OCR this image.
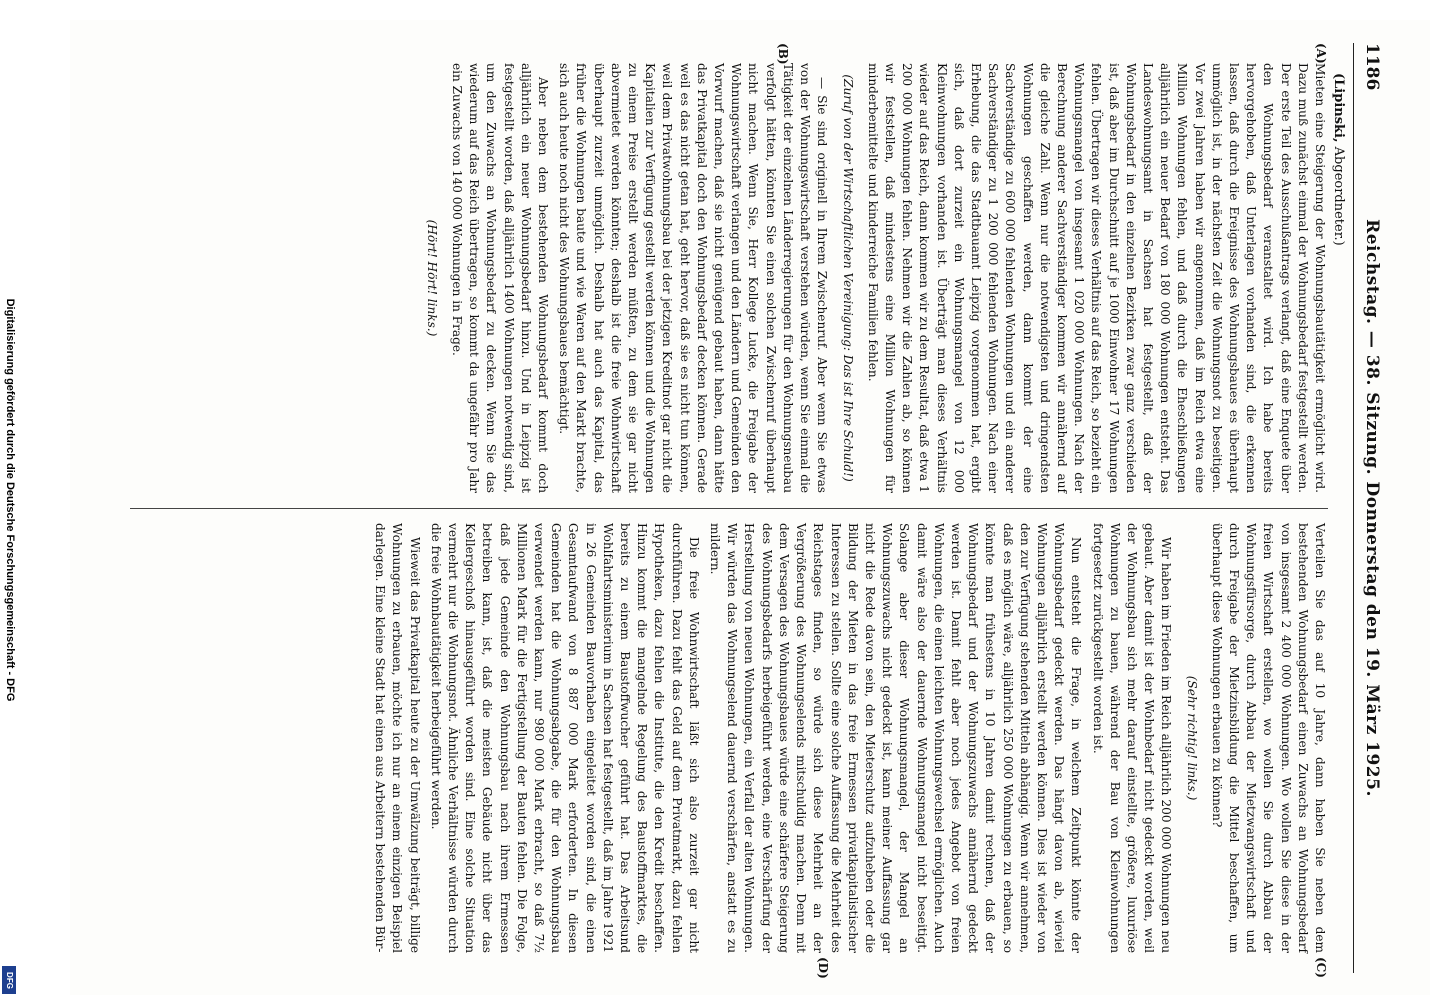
Digitalisierung gefördert durch die Deutsche Forschungsgemeinschaft - DFG
DFG
1186
Reichstag. — 38. Sitzung. Donnerstag den 19. März 1925.
(Lipinski, Abgeordneter.)
(A)
(B)
(C)
(D)

Mieten eine Steigerung der Wohnungsbautätigkeit ermöglicht wird. Dazu muß zunächst einmal der Wohnungsbedarf festgestellt werden. Der erste Teil des Ausschußantrags verlangt, daß eine Enquete über den Wohnungsbedarf veranstaltet wird. Ich habe bereits hervorgehoben, daß Unterlagen vorhanden sind, die erkennen lassen, daß durch die Ereignisse des Wohnungsbaues es überhaupt unmöglich ist, in der nächsten Zeit die Wohnungsnot zu beseitigen. Vor zwei Jahren haben wir angenommen, daß im Reich etwa eine Million Wohnungen fehlen, und daß durch die Eheschließungen alljährlich ein neuer Bedarf von 180 000 Wohnungen entsteht. Das Landeswohnungsamt in Sachsen hat festgestellt, daß der Wohnungsbedarf in den einzelnen Bezirken zwar ganz verschieden ist, daß aber im Durchschnitt auf je 1000 Einwohner 17 Wohnungen fehlen. Übertragen wir dieses Verhältnis auf das Reich, so bezieht ein Wohnungsmangel von insgesamt 1 020 000 Wohnungen. Nach der Berechnung anderer Sachverständiger kommen wir annähernd auf die gleiche Zahl. Wenn nur die notwendigsten und dringendsten Wohnungen geschaffen werden, dann kommt der eine Sachverständige zu 600 000 fehlenden Wohnungen und ein anderer Sachverständiger zu 1 200 000 fehlenden Wohnungen. Nach einer Erhebung, die das Stadtbauamt Leipzig vorgenommen hat, ergibt sich, daß dort zurzeit ein Wohnungsmangel von 12 000 Kleinwohnungen vorhanden ist. Überträgt man dieses Verhältnis wieder auf das Reich, dann kommen wir zu dem Resultat, daß etwa 1 200 000 Wohnungen fehlen. Nehmen wir die Zahlen ab, so können wir feststellen, daß mindestens eine Million Wohnungen für minderbemittelte und kinderreiche Familien fehlen.

(Zuruf von der Wirtschaftlichen Vereinigung: Das ist Ihre Schuld!)

— Sie sind originell in Ihrem Zwischenruf. Aber wenn Sie etwas von der Wohnungswirtschaft verstehen würden, wenn Sie einmal die Tätigkeit der einzelnen Länderregierungen für den Wohnungsneubau verfolgt hätten, könnten Sie einen solchen Zwischenruf überhaupt nicht machen. Wenn Sie, Herr Kollege Lucke, die Freigabe der Wohnungswirtschaft verlangen und den Ländern und Gemeinden den Vorwurf machen, daß sie nicht genügend gebaut haben, dann hätte das Privatkapital doch den Wohnungsbedarf decken können. Gerade weil es das nicht getan hat, geht hervor, daß sie es nicht tun können, weil dem Privatwohnungsbau bei der jetzigen Kreditnot gar nicht die Kapitalien zur Verfügung gestellt werden können und die Wohnungen zu einem Preise erstellt werden müßten, zu dem sie gar nicht abvermietet werden könnten; deshalb ist die freie Wohnwirtschaft überhaupt zurzeit unmöglich. Deshalb hat auch das Kapital, das früher die Wohnungen baute und wie Waren auf den Markt brachte, sich auch heute noch nicht des Wohnungsbaues bemächtigt.

Aber neben dem bestehenden Wohnungsbedarf kommt doch alljährlich ein neuer Wohnungsbedarf hinzu. Und in Leipzig ist festgestellt worden, daß alljährlich 1400 Wohnungen notwendig sind, um den Zuwachs an Wohnungsbedarf zu decken. Wenn Sie das wiederum auf das Reich übertragen, so kommt da ungefähr pro Jahr ein Zuwachs von 140 000 Wohnungen in Frage.

(Hört! Hört! links.)

Verteilen Sie das auf 10 Jahre, dann haben Sie neben dem bestehenden Wohnungsbedarf einen Zuwachs an Wohnungsbedarf von insgesamt 2 400 000 Wohnungen. Wo wollen Sie diese in der freien Wirtschaft erstellen, wo wollen Sie durch Abbau der Wohnungsfürsorge, durch Abbau der Mietzwangswirtschaft und durch Freigabe der Mietzinsbildung die Mittel beschaffen, um überhaupt diese Wohnungen erbauen zu können?

(Sehr richtig! links.)

Wir haben im Frieden im Reich alljährlich 200 000 Wohnungen neu gebaut. Aber damit ist der Wohnbedarf nicht gedeckt worden, weil der Wohnungsbau sich mehr darauf einstellte, größere, luxuriöse Wohnungen zu bauen, während der Bau von Kleinwohnungen fortgesetzt zurückgestellt worden ist.

Nun entsteht die Frage, in welchem Zeitpunkt könnte der Wohnungsbedarf gedeckt werden. Das hängt davon ab, wieviel Wohnungen alljährlich erstellt werden können. Dies ist wieder von den zur Verfügung stehenden Mitteln abhängig. Wenn wir annehmen, daß es möglich wäre, alljährlich 250 000 Wohnungen zu erbauen, so könnte man frühestens in 10 Jahren damit rechnen, daß der Wohnungsbedarf und der Wohnungszuwachs annähernd gedeckt werden ist. Damit fehlt aber noch jedes Angebot von freien Wohnungen, die einen leichten Wohnungswechsel ermöglichen. Auch damit wäre also der dauernde Wohnungsmangel nicht beseitigt. Solange aber dieser Wohnungsmangel, der Mangel an Wohnungszuwachs nicht gedeckt ist, kann meiner Auffassung gar nicht die Rede davon sein, den Mieterschutz aufzuheben oder die Bildung der Mieten in das freie Ermessen privatkapitalistischer Interessen zu stellen. Sollte eine solche Auffassung die Mehrheit des Reichstages finden, so würde sich diese Mehrheit an der Vergrößerung des Wohnungselends mitschuldig machen. Denn mit dem Versagen des Wohnungsbaues würde eine schärfere Steigerung des Wohnungsbedarfs herbeigeführt werden, eine Verschärfung der Herstellung von neuen Wohnungen, ein Verfall der alten Wohnungen. Wir würden das Wohnungselend dauernd verschärfen, anstatt es zu mildern.

Die freie Wohnwirtschaft läßt sich also zurzeit gar nicht durchführen. Dazu fehlt das Geld auf dem Privatmarkt, dazu fehlen Hypotheken, dazu fehlen die Institute, die den Kredit beschaffen. Hinzu kommt die mangelnde Regelung des Baustoffmarktes, die bereits zu einem Baustoffwucher geführt hat. Das Arbeitsund Wohlfahrtsministerium in Sachsen hat festgestellt, daß im Jahre 1921 in 26 Gemeinden Bauvorhaben eingeleitet worden sind, die einen Gesamtaufwand von 8 887 000 Mark erforderten. In diesen Gemeinden hat die Wohnungsabgabe, die für den Wohnungsbau verwendet werden kann, nur 980 000 Mark erbracht, so daß 7½ Millionen Mark für die Fertigstellung der Bauten fehlen. Die Folge, daß jede Gemeinde den Wohnungsbau nach ihrem Ermessen betreiben kann, ist, daß die meisten Gebäude nicht über das Kellergeschoß hinausgeführt worden sind. Eine solche Situation vermehrt nur die Wohnungsnot. Ähnliche Verhältnisse würden durch die freie Wohnbautätigkeit herbeigeführt werden.

Wieweit das Privatkapital heute zu der Umwälzung beiträgt, billige Wohnungen zu erbauen, möchte ich nur an einem einzigen Beispiel darlegen. Eine kleine Stadt hat einen aus Arbeitern bestehenden Bür-
